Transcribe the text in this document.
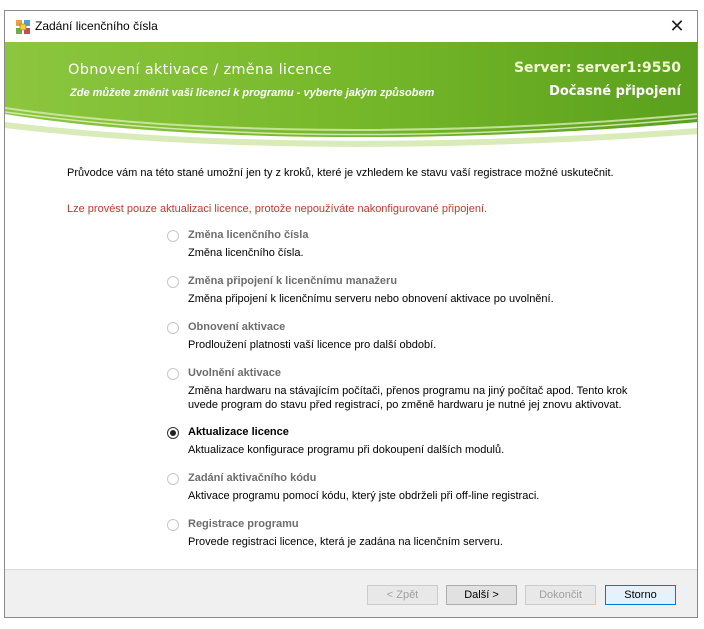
Zadání licenčního čísla	✕
Obnovení aktivace / změna licence
Zde můžete změnit vaši licenci k programu - vyberte jakým způsobem
Server: server1:9550
Dočasné připojení
Průvodce vám na této stané umožní jen ty z kroků, které je vzhledem ke stavu vaší registrace možné uskutečnit.
Lze provést pouze aktualizaci licence, protože nepoužíváte nakonfigurované připojení.
Změna licenčního čísla
Změna licenčního čísla.
Změna připojení k licenčnímu manažeru
Změna připojení k licenčnímu serveru nebo obnovení aktivace po uvolnění.
Obnovení aktivace
Prodloužení platnosti vaší licence pro další období.
Uvolnění aktivace
Změna hardwaru na stávajícím počítači, přenos programu na jiný počítač apod. Tento krok uvede program do stavu před registrací, po změně hardwaru je nutné jej znovu aktivovat.
Aktualizace licence
Aktualizace konfigurace programu při dokoupení dalších modulů.
Zadání aktivačního kódu
Aktivace programu pomocí kódu, který jste obdrželi při off-line registraci.
Registrace programu
Provede registraci licence, která je zadána na licenčním serveru.
< Zpět	Další >	Dokončit	Storno
